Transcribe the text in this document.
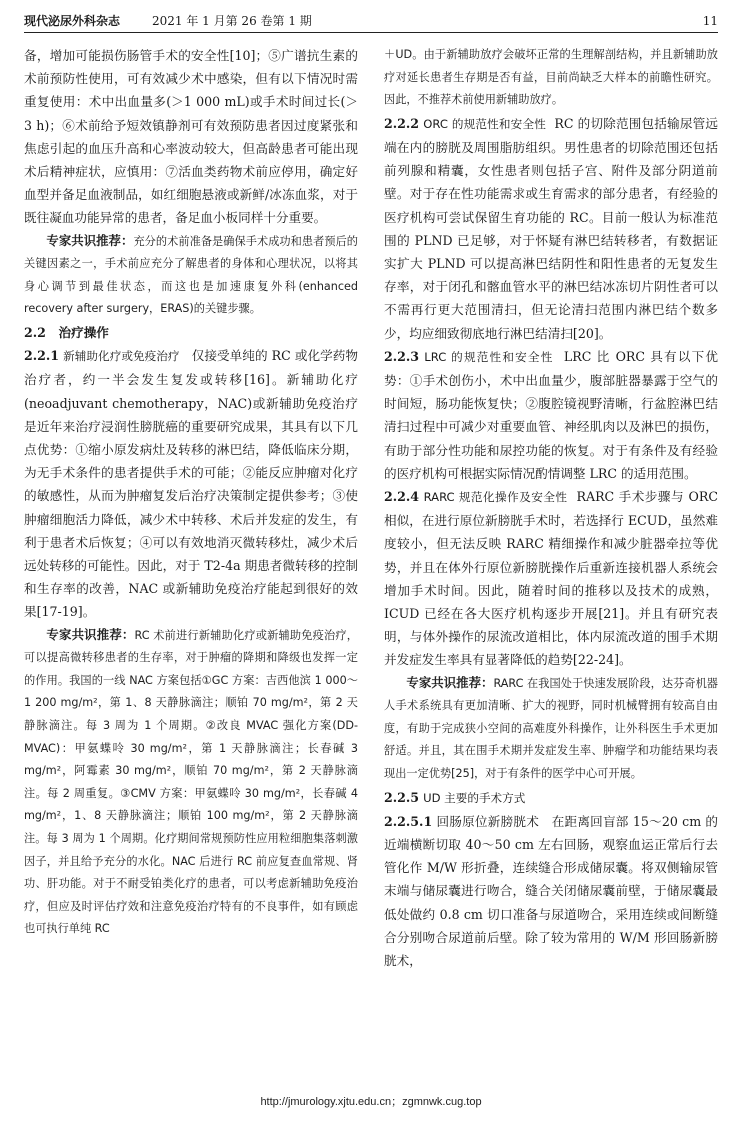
现代泌尿外科杂志	2021 年 1 月第 26 卷第 1 期	11

备，增加可能损伤肠管手术的安全性[10]；⑤广谱抗生素的术前预防性使用，可有效减少术中感染，但有以下情况时需重复使用：术中出血量多(＞1 000 mL)或手术时间过长(＞3 h)；⑥术前给予短效镇静剂可有效预防患者因过度紧张和焦虑引起的血压升高和心率波动较大，但高龄患者可能出现术后精神症状，应慎用：⑦活血类药物术前应停用，确定好血型并备足血液制品，如红细胞悬液或新鲜/冰冻血浆，对于既往凝血功能异常的患者，备足血小板同样十分重要。

专家共识推荐：充分的术前准备是确保手术成功和患者预后的关键因素之一，手术前应充分了解患者的身体和心理状况，以将其身心调节到最佳状态，而这也是加速康复外科(enhanced recovery after surgery，ERAS)的关键步骤。

2.2　治疗操作

2.2.1 新辅助化疗或免疫治疗 仅接受单纯的 RC 或化学药物治疗者，约一半会发生复发或转移[16]。新辅助化疗(neoadjuvant chemotherapy，NAC)或新辅助免疫治疗是近年来治疗浸润性膀胱癌的重要研究成果，其具有以下几点优势：①缩小原发病灶及转移的淋巴结，降低临床分期，为无手术条件的患者提供手术的可能；②能反应肿瘤对化疗的敏感性，从而为肿瘤复发后治疗决策制定提供参考；③使肿瘤细胞活力降低，减少术中转移、术后并发症的发生，有利于患者术后恢复；④可以有效地消灭微转移灶，减少术后远处转移的可能性。因此，对于 T2-4a 期患者微转移的控制和生存率的改善，NAC 或新辅助免疫治疗能起到很好的效果[17-19]。

专家共识推荐：RC 术前进行新辅助化疗或新辅助免疫治疗，可以提高微转移患者的生存率，对于肿瘤的降期和降级也发挥一定的作用。我国的一线 NAC 方案包括①GC 方案：吉西他滨 1 000～1 200 mg/m²，第 1、8 天静脉滴注；顺铂 70 mg/m²，第 2 天静脉滴注。每 3 周为 1 个周期。②改良 MVAC 强化方案(DD-MVAC)：甲氨蝶呤 30 mg/m²，第 1 天静脉滴注；长春碱 3 mg/m²，阿霉素 30 mg/m²，顺铂 70 mg/m²，第 2 天静脉滴注。每 2 周重复。③CMV 方案：甲氨蝶呤 30 mg/m²，长春碱 4 mg/m²，1、8 天静脉滴注；顺铂 100 mg/m²，第 2 天静脉滴注。每 3 周为 1 个周期。化疗期间常规预防性应用粒细胞集落刺激因子，并且给予充分的水化。NAC 后进行 RC 前应复查血常规、肾功、肝功能。对于不耐受铂类化疗的患者，可以考虑新辅助免疫治疗，但应及时评估疗效和注意免疫治疗特有的不良事件，如有顾虑也可执行单纯 RC

＋UD。由于新辅助放疗会破坏正常的生理解剖结构，并且新辅助放疗对延长患者生存期是否有益，目前尚缺乏大样本的前瞻性研究。因此，不推荐术前使用新辅助放疗。

2.2.2 ORC 的规范性和安全性 RC 的切除范围包括输尿管远端在内的膀胱及周围脂肪组织。男性患者的切除范围还包括前列腺和精囊，女性患者则包括子宫、附件及部分阴道前壁。对于存在性功能需求或生育需求的部分患者，有经验的医疗机构可尝试保留生育功能的 RC。目前一般认为标准范围的 PLND 已足够，对于怀疑有淋巴结转移者，有数据证实扩大 PLND 可以提高淋巴结阴性和阳性患者的无复发生存率，对于闭孔和髂血管水平的淋巴结冰冻切片阴性者可以不需再行更大范围清扫，但无论清扫范围内淋巴结个数多少，均应细致彻底地行淋巴结清扫[20]。

2.2.3 LRC 的规范性和安全性 LRC 比 ORC 具有以下优势：①手术创伤小，术中出血量少，腹部脏器暴露于空气的时间短，肠功能恢复快；②腹腔镜视野清晰，行盆腔淋巴结清扫过程中可减少对重要血管、神经肌肉以及淋巴的损伤，有助于部分性功能和尿控功能的恢复。对于有条件及有经验的医疗机构可根据实际情况酌情调整 LRC 的适用范围。

2.2.4 RARC 规范化操作及安全性 RARC 手术步骤与 ORC 相似，在进行原位新膀胱手术时，若选择行 ECUD，虽然难度较小，但无法反映 RARC 精细操作和减少脏器牵拉等优势，并且在体外行原位新膀胱操作后重新连接机器人系统会增加手术时间。因此，随着时间的推移以及技术的成熟，ICUD 已经在各大医疗机构逐步开展[21]。并且有研究表明，与体外操作的尿流改道相比，体内尿流改道的围手术期并发症发生率具有显著降低的趋势[22-24]。

专家共识推荐：RARC 在我国处于快速发展阶段，达芬奇机器人手术系统具有更加清晰、扩大的视野，同时机械臂拥有较高自由度，有助于完成狭小空间的高难度外科操作，让外科医生手术更加舒适。并且，其在围手术期并发症发生率、肿瘤学和功能结果均表现出一定优势[25]，对于有条件的医学中心可开展。

2.2.5 UD 主要的手术方式

2.2.5.1 回肠原位新膀胱术 在距离回盲部 15～20 cm 的近端横断切取 40～50 cm 左右回肠，观察血运正常后行去管化作 M/W 形折叠，连续缝合形成储尿囊。将双侧输尿管末端与储尿囊进行吻合，缝合关闭储尿囊前壁，于储尿囊最低处做约 0.8 cm 切口准备与尿道吻合，采用连续或间断缝合分别吻合尿道前后壁。除了较为常用的 W/M 形回肠新膀胱术，

http://jmurology.xjtu.edu.cn；zgmnwk.cug.top
